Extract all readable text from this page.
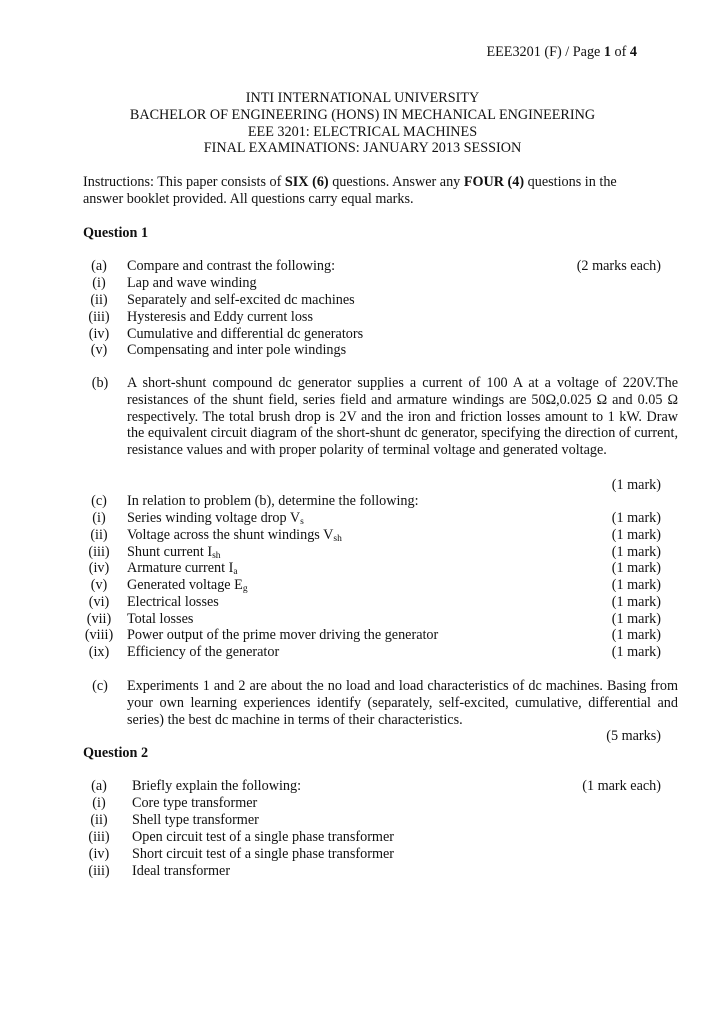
EEE3201 (F) / Page 1 of 4
INTI INTERNATIONAL UNIVERSITY
BACHELOR OF ENGINEERING (HONS) IN MECHANICAL ENGINEERING
EEE 3201: ELECTRICAL MACHINES
FINAL EXAMINATIONS: JANUARY 2013 SESSION
Instructions: This paper consists of SIX (6) questions. Answer any FOUR (4) questions in the answer booklet provided. All questions carry equal marks.
Question 1
(a)	Compare and contrast the following:	(2 marks each)
(i)	Lap and wave winding
(ii)	Separately and self-excited dc machines
(iii)	Hysteresis and Eddy current loss
(iv)	Cumulative and differential dc generators
(v)	Compensating and inter pole windings
(b)	A short-shunt compound dc generator supplies a current of 100 A at a voltage of 220V.The resistances of the shunt field, series field and armature windings are 50Ω,0.025 Ω and 0.05 Ω respectively. The total brush drop is 2V and the iron and friction losses amount to 1 kW. Draw the equivalent circuit diagram of the short-shunt dc generator, specifying the direction of current, resistance values and with proper polarity of terminal voltage and generated voltage.
(1 mark)
(c)	In relation to problem (b), determine the following:
(i)	Series winding voltage drop $V_s$	(1 mark)
(ii)	Voltage across the shunt windings $V_{sh}$	(1 mark)
(iii)	Shunt current $I_{sh}$	(1 mark)
(iv)	Armature current $I_a$	(1 mark)
(v)	Generated voltage $E_g$	(1 mark)
(vi)	Electrical losses	(1 mark)
(vii)	Total losses	(1 mark)
(viii) Power output of the prime mover driving the generator	(1 mark)
(ix)	Efficiency of the generator	(1 mark)
(c)	Experiments 1 and 2 are about the no load and load characteristics of dc machines. Basing from your own learning experiences identify (separately, self-excited, cumulative, differential and series) the best dc machine in terms of their characteristics.
(5 marks)
Question 2
(a)	Briefly explain the following:	(1 mark each)
(i)	Core type transformer
(ii)	Shell type transformer
(iii)	Open circuit test of a single phase transformer
(iv)	Short circuit test of a single phase transformer
(iii)	Ideal transformer
